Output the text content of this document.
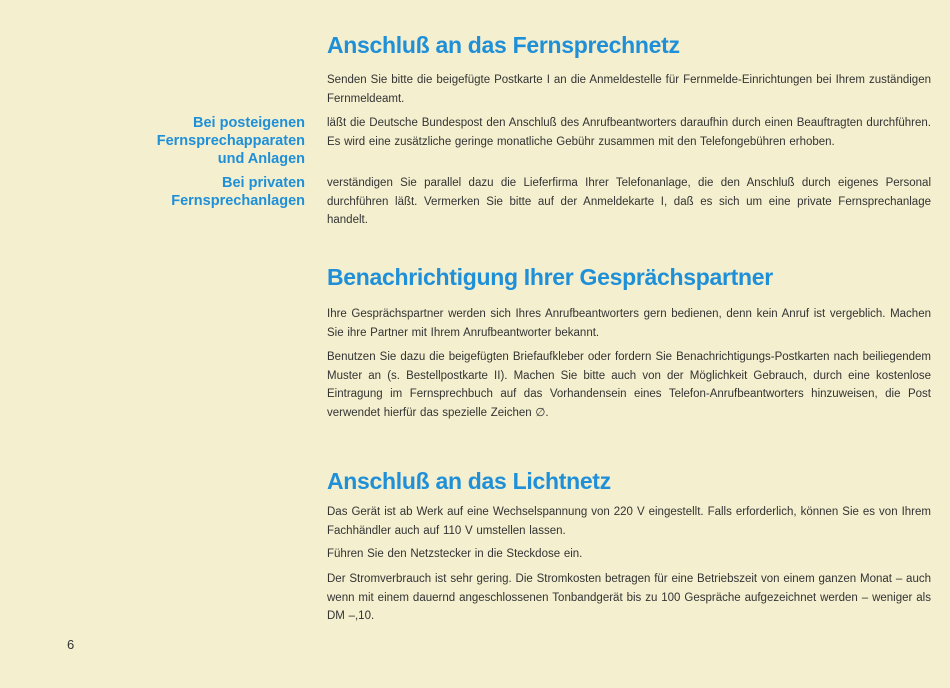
Anschluß an das Fernsprechnetz

Senden Sie bitte die beigefügte Postkarte I an die Anmeldestelle für Fernmelde-Einrichtungen bei Ihrem zuständigen Fernmeldeamt.

Bei posteigenen
Fernsprechapparaten
und Anlagen

läßt die Deutsche Bundespost den Anschluß des Anrufbeantworters daraufhin durch einen Beauftragten durchführen. Es wird eine zusätzliche geringe monatliche Gebühr zusammen mit den Telefongebühren erhoben.

Bei privaten
Fernsprechanlagen

verständigen Sie parallel dazu die Lieferfirma Ihrer Telefonanlage, die den Anschluß durch eigenes Personal durchführen läßt. Vermerken Sie bitte auf der Anmeldekarte I, daß es sich um eine private Fernsprechanlage handelt.

Benachrichtigung Ihrer Gesprächspartner

Ihre Gesprächspartner werden sich Ihres Anrufbeantworters gern bedienen, denn kein Anruf ist vergeblich. Machen Sie ihre Partner mit Ihrem Anrufbeantworter bekannt.

Benutzen Sie dazu die beigefügten Briefaufkleber oder fordern Sie Benachrichtigungs-Postkarten nach beiliegendem Muster an (s. Bestellpostkarte II). Machen Sie bitte auch von der Möglichkeit Gebrauch, durch eine kostenlose Eintragung im Fernsprechbuch auf das Vorhandensein eines Telefon-Anrufbeantworters hinzuweisen, die Post verwendet hierfür das spezielle Zeichen ∅.

Anschluß an das Lichtnetz

Das Gerät ist ab Werk auf eine Wechselspannung von 220 V eingestellt. Falls erforderlich, können Sie es von Ihrem Fachhändler auch auf 110 V umstellen lassen.

Führen Sie den Netzstecker in die Steckdose ein.

Der Stromverbrauch ist sehr gering. Die Stromkosten betragen für eine Betriebszeit von einem ganzen Monat – auch wenn mit einem dauernd angeschlossenen Tonbandgerät bis zu 100 Gespräche aufgezeichnet werden – weniger als DM –,10.

6
